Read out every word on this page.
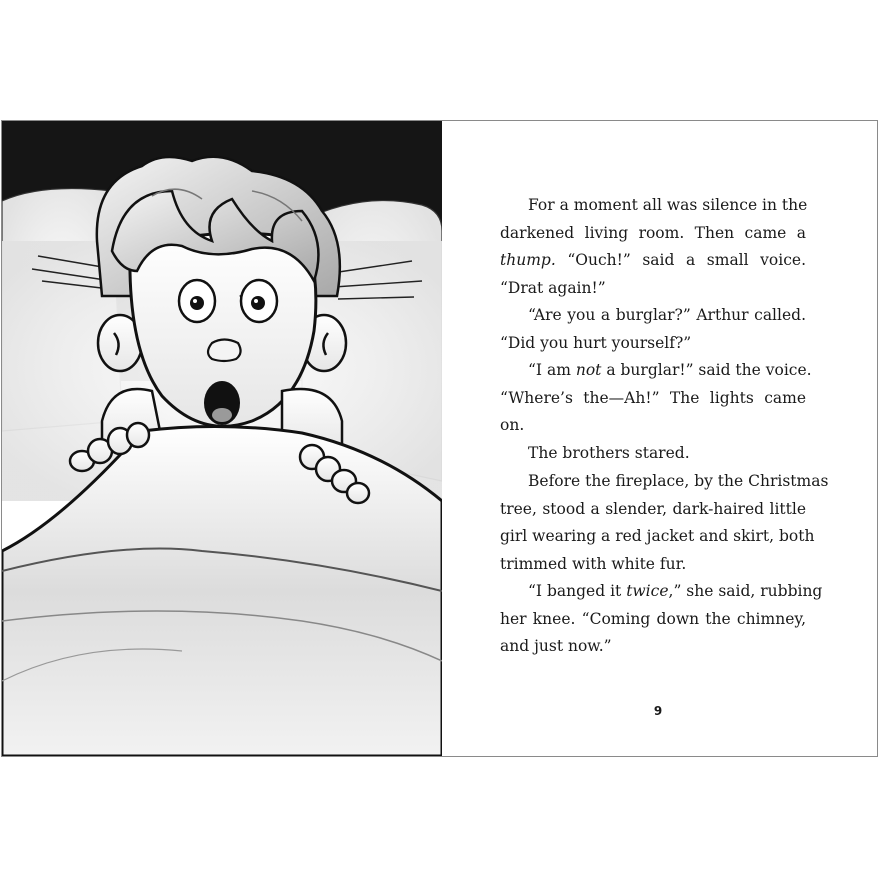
For a moment all was silence in the
darkened living room. Then came a
thump. “Ouch!” said a small voice.
“Drat again!”

“Are you a burglar?” Arthur called.
“Did you hurt yourself?”

“I am not a burglar!” said the voice.
“Where’s the—Ah!” The lights came
on.

The brothers stared.

Before the fireplace, by the Christmas
tree, stood a slender, dark-haired little
girl wearing a red jacket and skirt, both
trimmed with white fur.

“I banged it twice,” she said, rubbing
her knee. “Coming down the chimney,
and just now.”

9
